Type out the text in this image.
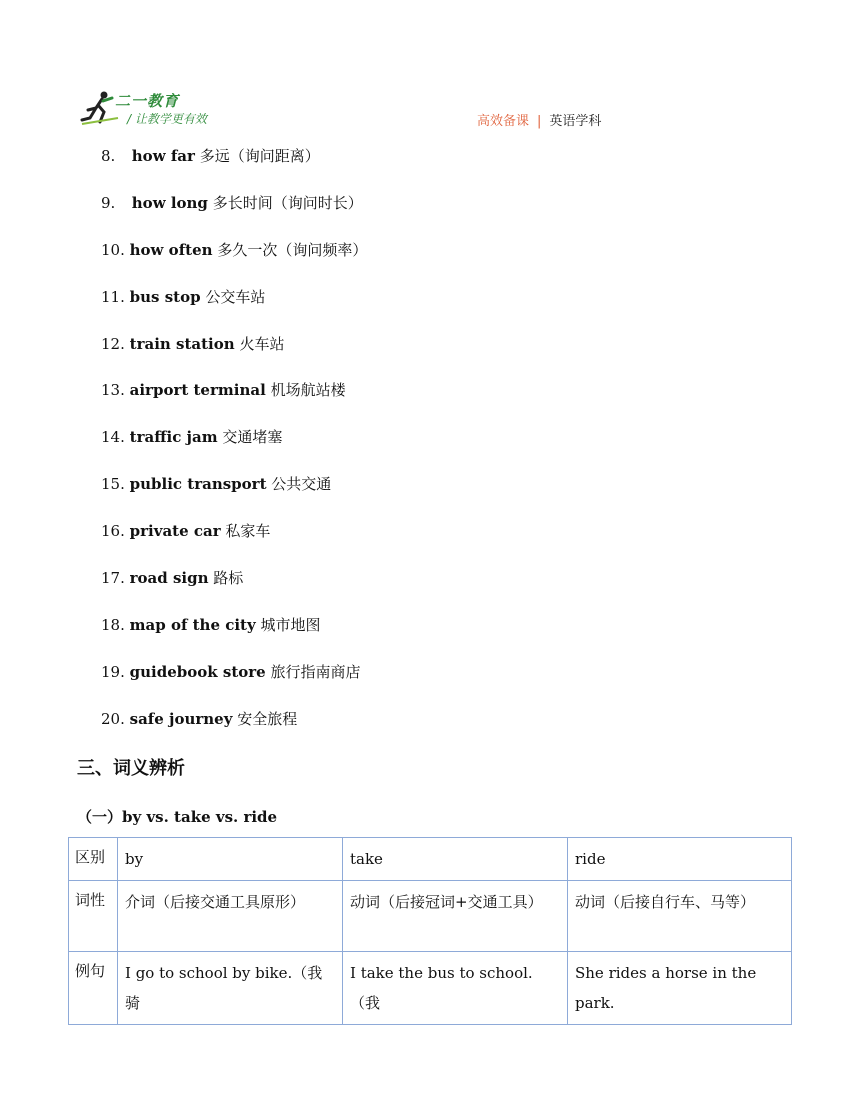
二一教育
/ 让教学更有效	高效备课 | 英语学科
8. how far 多远（询问距离）
9. how long 多长时间（询问时长）
10. how often 多久一次（询问频率）
11. bus stop 公交车站
12. train station 火车站
13. airport terminal 机场航站楼
14. traffic jam 交通堵塞
15. public transport 公共交通
16. private car 私家车
17. road sign 路标
18. map of the city 城市地图
19. guidebook store 旅行指南商店
20. safe journey 安全旅程
三、词义辨析
（一）by vs. take vs. ride
区别	by	take	ride
词性	介词（后接交通工具原形）	动词（后接冠词+交通工具）	动词（后接自行车、马等）
例句	I go to school by bike.（我骑	I take the bus to school.（我	She rides a horse in the park.
